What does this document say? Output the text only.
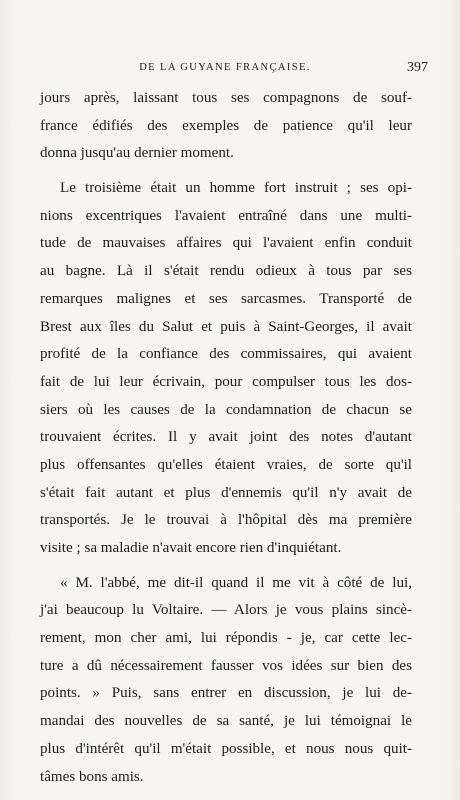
DE LA GUYANE FRANÇAISE.	397
jours après, laissant tous ses compagnons de souf-
france édifiés des exemples de patience qu'il leur
donna jusqu'au dernier moment.
Le troisième était un homme fort instruit ; ses opi-
nions excentriques l'avaient entraîné dans une multi-
tude de mauvaises affaires qui l'avaient enfin conduit
au bagne. Là il s'était rendu odieux à tous par ses
remarques malignes et ses sarcasmes. Transporté de
Brest aux îles du Salut et puis à Saint-Georges, il avait
profité de la confiance des commissaires, qui avaient
fait de lui leur écrivain, pour compulser tous les dos-
siers où les causes de la condamnation de chacun se
trouvaient écrites. Il y avait joint des notes d'autant
plus offensantes qu'elles étaient vraies, de sorte qu'il
s'était fait autant et plus d'ennemis qu'il n'y avait de
transportés. Je le trouvai à l'hôpital dès ma première
visite ; sa maladie n'avait encore rien d'inquiétant.
« M. l'abbé, me dit-il quand il me vit à côté de lui,
j'ai beaucoup lu Voltaire. — Alors je vous plains sincè-
rement, mon cher ami, lui répondis - je, car cette lec-
ture a dû nécessairement fausser vos idées sur bien des
points. » Puis, sans entrer en discussion, je lui de-
mandai des nouvelles de sa santé, je lui témoignai le
plus d'intérêt qu'il m'était possible, et nous nous quit-
tâmes bons amis.
